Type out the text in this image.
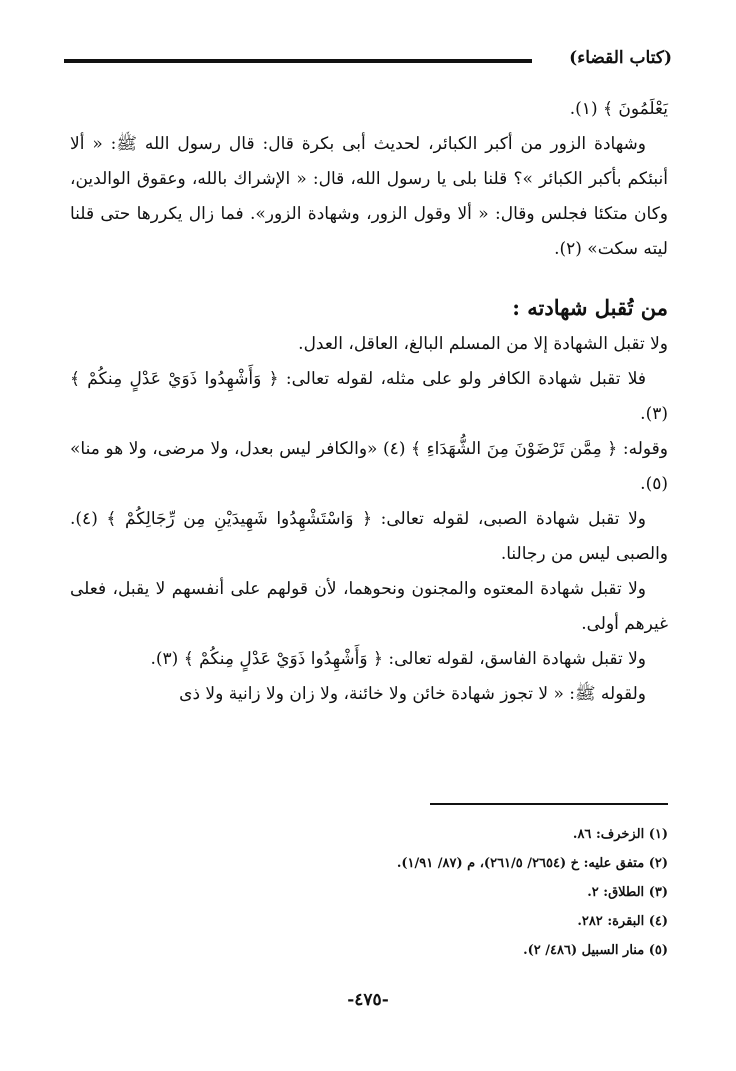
(كتاب القضاء)

يَعْلَمُونَ ﴾ (١).

وشهادة الزور من أكبر الكبائر، لحديث أبى بكرة قال: قال رسول الله ﷺ: « ألا أنبئكم بأكبر الكبائر »؟ قلنا بلى يا رسول الله، قال: « الإشراك بالله، وعقوق الوالدين، وكان متكئا فجلس وقال: « ألا وقول الزور، وشهادة الزور». فما زال يكررها حتى قلنا ليته سكت» (٢).

من تُقبل شهادته :

ولا تقبل الشهادة إلا من المسلم البالغ، العاقل، العدل.

فلا تقبل شهادة الكافر ولو على مثله، لقوله تعالى: ﴿ وَأَشْهِدُوا ذَوَيْ عَدْلٍ مِنكُمْ ﴾ (٣).

وقوله: ﴿ مِمَّن تَرْضَوْنَ مِنَ الشُّهَدَاءِ ﴾ (٤) «والكافر ليس بعدل، ولا مرضى، ولا هو منا» (٥).

ولا تقبل شهادة الصبى، لقوله تعالى: ﴿ وَاسْتَشْهِدُوا شَهِيدَيْنِ مِن رِّجَالِكُمْ ﴾ (٤). والصبى ليس من رجالنا.

ولا تقبل شهادة المعتوه والمجنون ونحوهما، لأن قولهم على أنفسهم لا يقبل، فعلى غيرهم أولى.

ولا تقبل شهادة الفاسق، لقوله تعالى: ﴿ وَأَشْهِدُوا ذَوَيْ عَدْلٍ مِنكُمْ ﴾ (٣).

ولقوله ﷺ: « لا تجوز شهادة خائن ولا خائنة، ولا زان ولا زانية ولا ذى

(١) الزخرف: ٨٦.

(٢) متفق عليه: خ (٢٦٥٤/ ٢٦١/٥)، م (٨٧/ ١/٩١).

(٣) الطلاق: ٢.

(٤) البقرة: ٢٨٢.

(٥) منار السبيل (٤٨٦/ ٢).

-٤٧٥-
